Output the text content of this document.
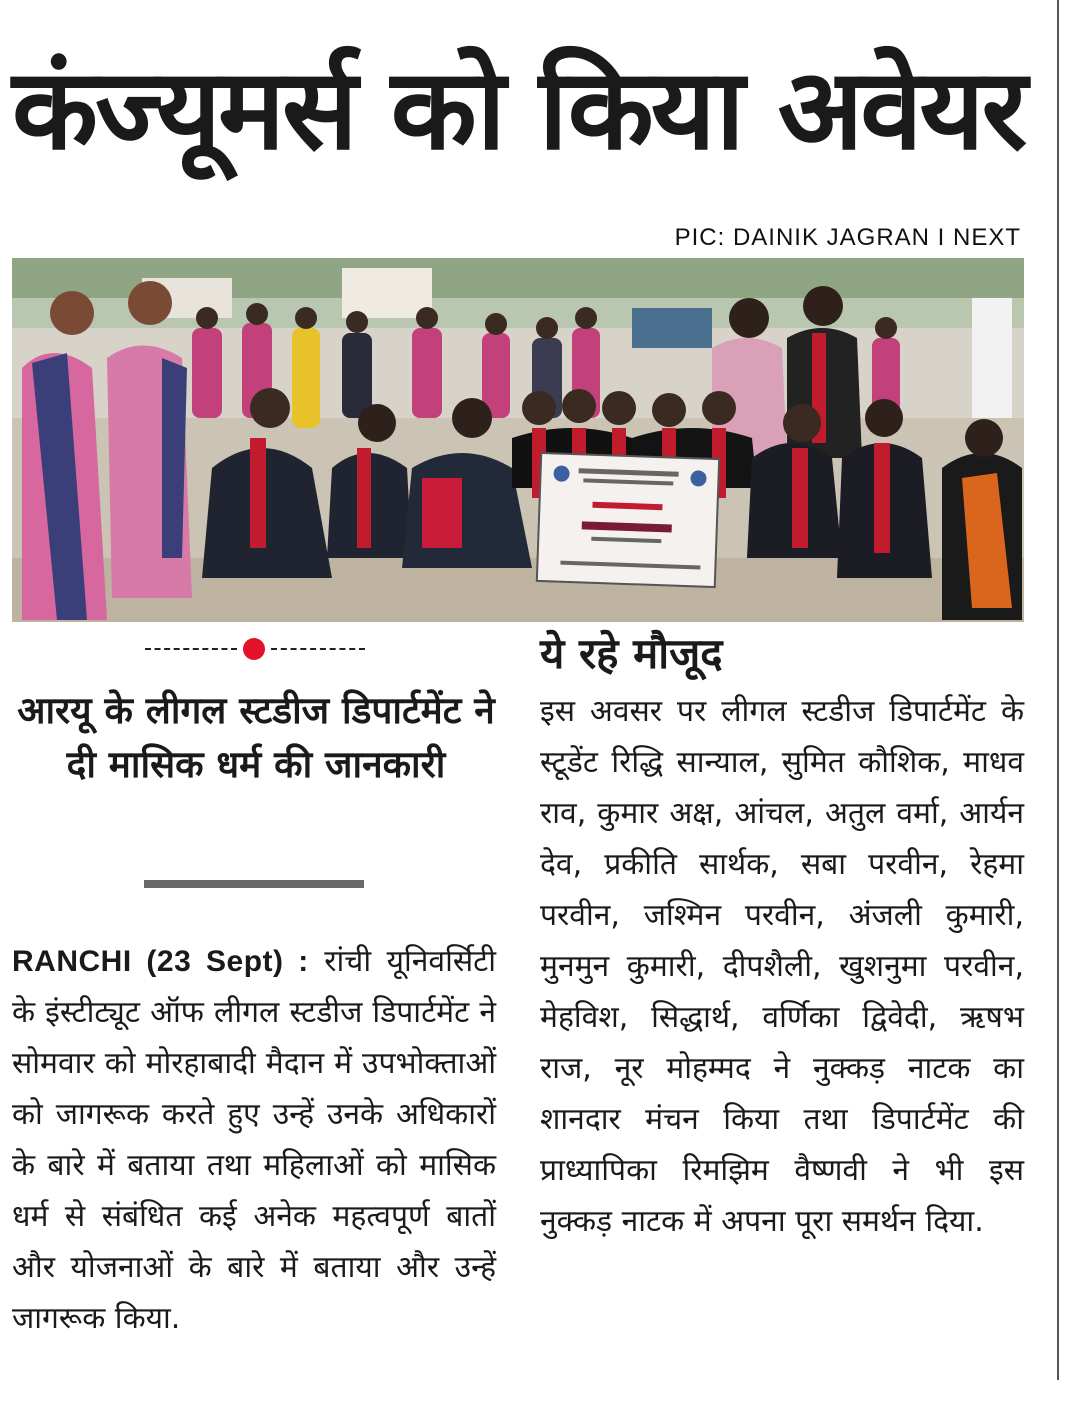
कंज्यूमर्स को किया अवेयर
PIC: DAINIK JAGRAN I NEXT
आरयू के लीगल स्टडीज डिपार्टमेंट ने दी मासिक धर्म की जानकारी

RANCHI (23 Sept) : रांची यूनिवर्सिटी के इंस्टीट्यूट ऑफ लीगल स्टडीज डिपार्टमेंट ने सोमवार को मोरहाबादी मैदान में उपभोक्ताओं को जागरूक करते हुए उन्हें उनके अधिकारों के बारे में बताया तथा महिलाओं को मासिक धर्म से संबंधित कई अनेक महत्वपूर्ण बातों और योजनाओं के बारे में बताया और उन्हें जागरूक किया.

ये रहे मौजूद

इस अवसर पर लीगल स्टडीज डिपार्टमेंट के स्टूडेंट रिद्धि सान्याल, सुमित कौशिक, माधव राव, कुमार अक्ष, आंचल, अतुल वर्मा, आर्यन देव, प्रकीति सार्थक, सबा परवीन, रेहमा परवीन, जश्मिन परवीन, अंजली कुमारी, मुनमुन कुमारी, दीपशैली, खुशनुमा परवीन, मेहविश, सिद्धार्थ, वर्णिका द्विवेदी, ऋषभ राज, नूर मोहम्मद ने नुक्कड़ नाटक का शानदार मंचन किया तथा डिपार्टमेंट की प्राध्यापिका रिमझिम वैष्णवी ने भी इस नुक्कड़ नाटक में अपना पूरा समर्थन दिया.
